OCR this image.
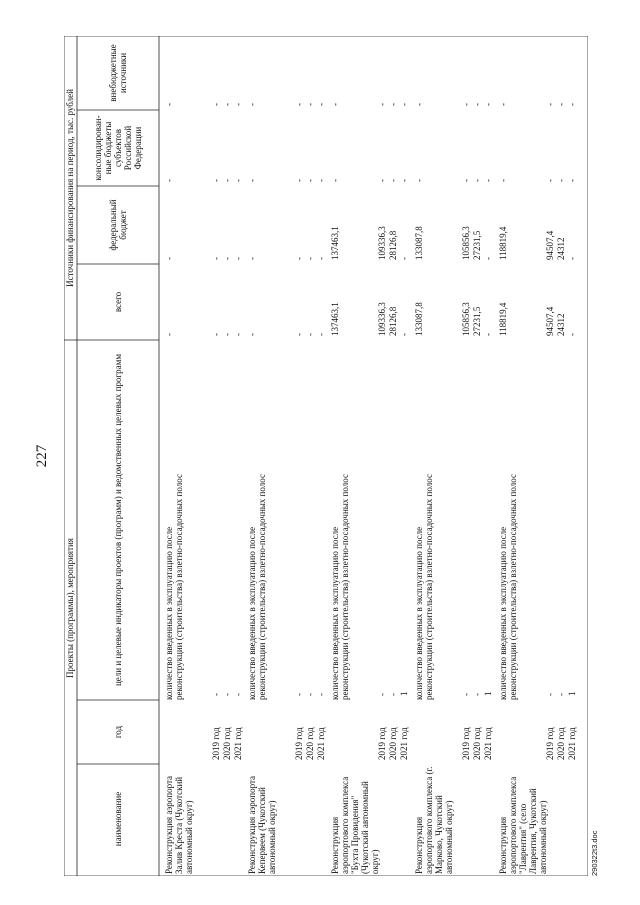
227
Проекты (программы), мероприятия
Источники финансирования на период, тыс. рублей
наименование
год
цели и целевые индикаторы проектов (программ) и ведомственных целевых программ
всего
федеральный бюджет
консолидирован-ные бюджеты субъектов Российской Федерации
внебюджетные источники
Реконструкция аэропорта Залив Креста (Чукотский автономный округ)
количество введенных в эксплуатацию после реконструкции (строительства) взлетно-посадочных полос
-
-
-
-
2019 год
-
-
-
-
-
2020 год
-
-
-
-
-
2021 год
-
-
-
-
-
Реконструкция аэропорта Кепервеем (Чукотский автономный округ)
количество введенных в эксплуатацию после реконструкции (строительства) взлетно-посадочных полос
-
-
-
-
2019 год
-
-
-
-
-
2020 год
-
-
-
-
-
2021 год
-
-
-
-
-
Реконструкция аэропортового комплекса "Бухта Провидения" (Чукотский автономный округ)
количество введенных в эксплуатацию после реконструкции (строительства) взлетно-посадочных полос
137463,1
137463,1
-
-
2019 год
-
109336,3
109336,3
-
-
2020 год
-
28126,8
28126,8
-
-
2021 год
1
-
-
-
-
Реконструкция аэропортового комплекса (г. Марково, Чукотский автономный округ)
количество введенных в эксплуатацию после реконструкции (строительства) взлетно-посадочных полос
133087,8
133087,8
-
-
2019 год
-
105856,3
105856,3
-
-
2020 год
-
27231,5
27231,5
-
-
2021 год
1
-
-
-
-
Реконструкция аэропортового комплекса "Лаврентия" (село Лаврентия, Чукотский автономный округ)
количество введенных в эксплуатацию после реконструкции (строительства) взлетно-посадочных полос
118819,4
118819,4
-
-
2019 год
-
94507,4
94507,4
-
-
2020 год
-
24312
24312
-
-
2021 год
1
-
-
-
-
290322t3.doc
